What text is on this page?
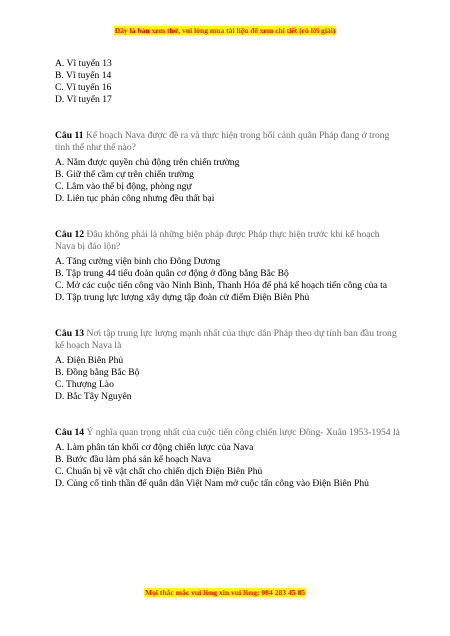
Đây là bản xem thử, vui lòng mua tài liệu để xem chi tiết (có lời giải)
A. Vĩ tuyến 13
B. Vĩ tuyến 14
C. Vĩ tuyến 16
D. Vĩ tuyến 17
Câu 11 Kế hoạch Nava được đề ra và thực hiện trong bối cảnh quân Pháp đang ở trong tình thế như thế nào?
A. Nắm được quyền chủ động trên chiến trường
B. Giữ thế cầm cự trên chiến trường
C. Lâm vào thế bị động, phòng ngự
D. Liên tục phản công nhưng đều thất bại
Câu 12 Đâu không phải là những biện pháp được Pháp thực hiện trước khi kế hoạch Nava bị đảo lộn?
A. Tăng cường viện binh cho Đông Dương
B. Tập trung 44 tiểu đoàn quân cơ động ở đồng bằng Bắc Bộ
C. Mở các cuộc tiến công vào Ninh Bình, Thanh Hóa để phá kế hoạch tiến công của ta
D. Tập trung lực lượng xây dựng tập đoàn cứ điểm Điện Biên Phủ
Câu 13 Nơi tập trung lực lượng mạnh nhất của thực dân Pháp theo dự tính ban đầu trong kế hoạch Nava là
A. Điện Biên Phủ
B. Đồng bằng Bắc Bộ
C. Thượng Lào
D. Bắc Tây Nguyên
Câu 14 Ý nghĩa quan trọng nhất của cuộc tiến công chiến lược Đông- Xuân 1953-1954 là
A. Làm phân tán khối cơ động chiến lược của Nava
B. Bước đầu làm phá sản kế hoạch Nava
C. Chuẩn bị về vật chất cho chiến dịch Điện Biên Phủ
D. Củng cố tinh thần để quân dân Việt Nam mở cuộc tấn công vào Điện Biên Phủ
Mọi thắc mắc vui lòng xin vui lòng: 084 283 45 85
